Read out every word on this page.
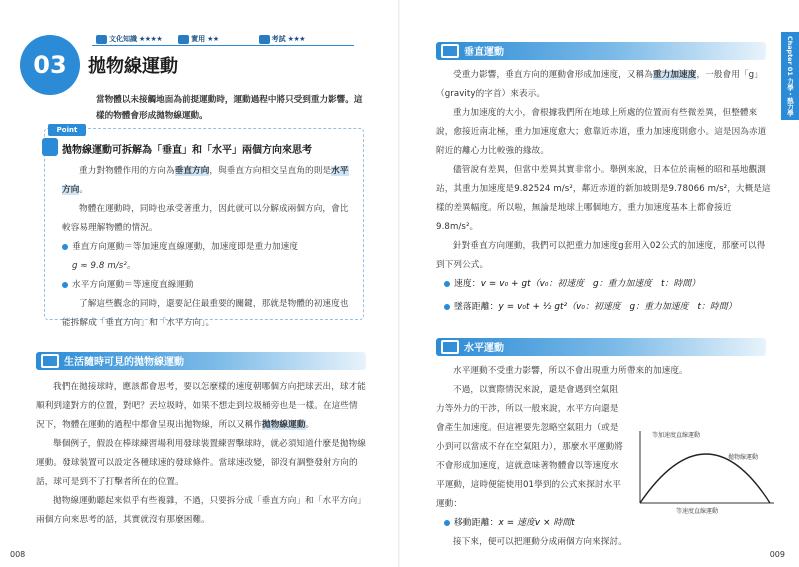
文化知識 ★★★★	實用 ★★	考試 ★★★
03	拋物線運動
當物體以未接觸地面為前提運動時，運動過程中將只受到重力影響。這樣的物體會形成拋物線運動。
Point
拋物線運動可拆解為「垂直」和「水平」兩個方向來思考
重力對物體作用的方向為垂直方向，與垂直方向相交呈直角的則是水平方向。
物體在運動時，同時也承受著重力，因此就可以分解成兩個方向，會比較容易理解物體的情況。
垂直方向運動＝等加速度直線運動，加速度即是重力加速度
g ≈ 9.8 m/s²。
水平方向運動＝等速度直線運動
了解這些觀念的同時，還要記住最重要的關鍵，那就是物體的初速度也能拆解成「垂直方向」和「水平方向」。
生活隨時可見的拋物線運動
我們在拋接球時，應該都會思考，要以怎麼樣的速度朝哪個方向把球丟出，球才能順利到達對方的位置，對吧？丟垃圾時，如果不想走到垃圾桶旁也是一樣。在這些情況下，物體在運動的過程中都會呈現出拋物線，所以又稱作拋物線運動。
舉個例子，假設在棒球練習場利用發球裝置練習擊球時，就必須知道什麼是拋物線運動。發球裝置可以設定各種球速的發球條件。當球速改變，卻沒有調整發射方向的話，球可是到不了打擊者所在的位置。
拋物線運動聽起來似乎有些複雜，不過，只要拆分成「垂直方向」和「水平方向」兩個方向來思考的話，其實就沒有那麼困難。
008
Chapter 01 力學・熱力學
垂直運動
受重力影響，垂直方向的運動會形成加速度，又稱為重力加速度，一般會用「g」（gravity的字首）來表示。
重力加速度的大小，會根據我們所在地球上所處的位置而有些微差異，但整體來說，愈接近南北極，重力加速度愈大；愈靠近赤道，重力加速度則愈小。這是因為赤道附近的離心力比較強的緣故。
儘管說有差異，但當中差異其實非常小。舉例來說，日本位於南極的昭和基地觀測站，其重力加速度是9.82524 m/s²，鄰近赤道的新加坡則是9.78066 m/s²，大概是這樣的差異幅度。所以啦，無論是地球上哪個地方，重力加速度基本上都會接近9.8m/s²。
針對垂直方向運動，我們可以把重力加速度g套用入02公式的加速度，那麼可以得到下列公式。
速度：v = v₀ + gt（v₀：初速度　g：重力加速度　t：時間）
墜落距離：y = v₀t + ½ gt²（v₀：初速度　g：重力加速度　t：時間）
水平運動
水平運動不受重力影響，所以不會出現重力所帶來的加速度。
不過，以實際情況來說，還是會遇到空氣阻力等外力的干涉，所以一般來說，水平方向還是會產生加速度。但這裡要先忽略空氣阻力（或是小到可以當成不存在空氣阻力），那麼水平運動將不會形成加速度，這就意味著物體會以等速度水平運動，這時便能使用01學到的公式來探討水平運動：
移動距離：x = 速度v × 時間t
接下來，便可以把運動分成兩個方向來探討。
等加速度直線運動
拋物線運動
等速度直線運動
009
